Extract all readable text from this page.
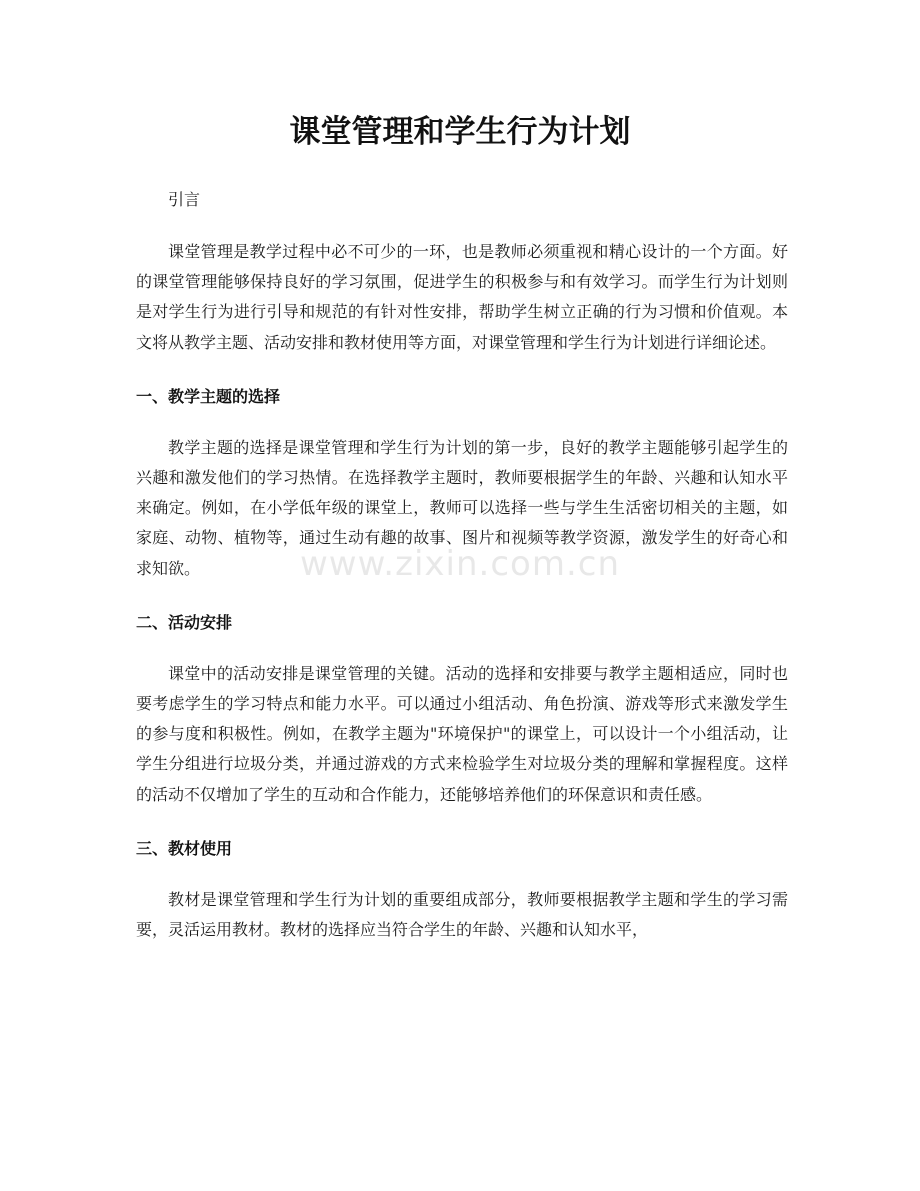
课堂管理和学生行为计划
www.zixin.com.cn

引言

课堂管理是教学过程中必不可少的一环，也是教师必须重视和精心设计的一个方面。好的课堂管理能够保持良好的学习氛围，促进学生的积极参与和有效学习。而学生行为计划则是对学生行为进行引导和规范的有针对性安排，帮助学生树立正确的行为习惯和价值观。本文将从教学主题、活动安排和教材使用等方面，对课堂管理和学生行为计划进行详细论述。

一、教学主题的选择

教学主题的选择是课堂管理和学生行为计划的第一步，良好的教学主题能够引起学生的兴趣和激发他们的学习热情。在选择教学主题时，教师要根据学生的年龄、兴趣和认知水平来确定。例如，在小学低年级的课堂上，教师可以选择一些与学生生活密切相关的主题，如家庭、动物、植物等，通过生动有趣的故事、图片和视频等教学资源，激发学生的好奇心和求知欲。

二、活动安排

课堂中的活动安排是课堂管理的关键。活动的选择和安排要与教学主题相适应，同时也要考虑学生的学习特点和能力水平。可以通过小组活动、角色扮演、游戏等形式来激发学生的参与度和积极性。例如，在教学主题为"环境保护"的课堂上，可以设计一个小组活动，让学生分组进行垃圾分类，并通过游戏的方式来检验学生对垃圾分类的理解和掌握程度。这样的活动不仅增加了学生的互动和合作能力，还能够培养他们的环保意识和责任感。

三、教材使用

教材是课堂管理和学生行为计划的重要组成部分，教师要根据教学主题和学生的学习需要，灵活运用教材。教材的选择应当符合学生的年龄、兴趣和认知水平，
